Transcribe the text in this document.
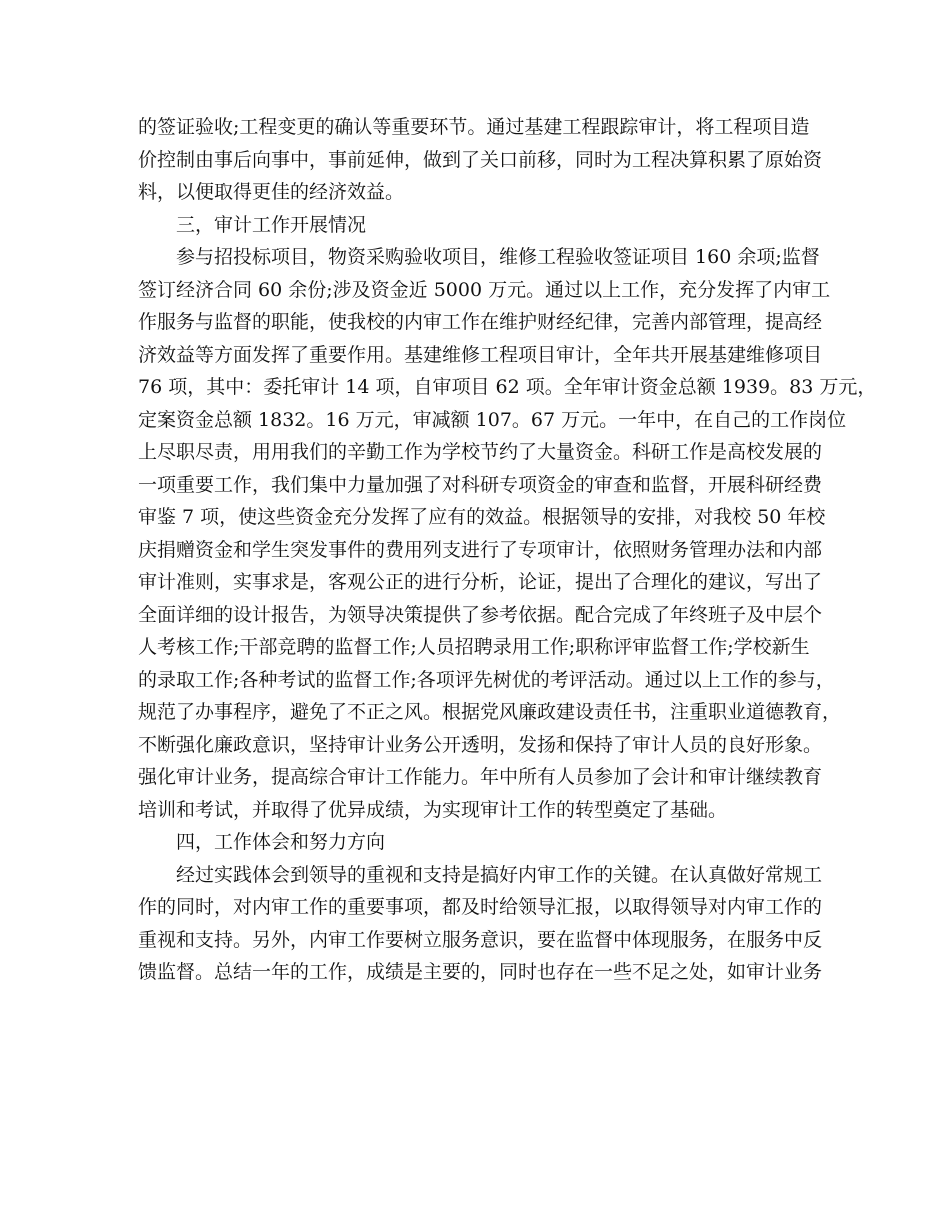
的签证验收;工程变更的确认等重要环节。通过基建工程跟踪审计，将工程项目造
价控制由事后向事中，事前延伸，做到了关口前移，同时为工程决算积累了原始资
料，以便取得更佳的经济效益。
三，审计工作开展情况
参与招投标项目，物资采购验收项目，维修工程验收签证项目 160 余项;监督
签订经济合同 60 余份;涉及资金近 5000 万元。通过以上工作，充分发挥了内审工
作服务与监督的职能，使我校的内审工作在维护财经纪律，完善内部管理，提高经
济效益等方面发挥了重要作用。基建维修工程项目审计，全年共开展基建维修项目
76 项，其中：委托审计 14 项，自审项目 62 项。全年审计资金总额 1939。83 万元，
定案资金总额 1832。16 万元，审减额 107。67 万元。一年中，在自己的工作岗位
上尽职尽责，用用我们的辛勤工作为学校节约了大量资金。科研工作是高校发展的
一项重要工作，我们集中力量加强了对科研专项资金的审查和监督，开展科研经费
审鉴 7 项，使这些资金充分发挥了应有的效益。根据领导的安排，对我校 50 年校
庆捐赠资金和学生突发事件的费用列支进行了专项审计，依照财务管理办法和内部
审计准则，实事求是，客观公正的进行分析，论证，提出了合理化的建议，写出了
全面详细的设计报告，为领导决策提供了参考依据。配合完成了年终班子及中层个
人考核工作;干部竞聘的监督工作;人员招聘录用工作;职称评审监督工作;学校新生
的录取工作;各种考试的监督工作;各项评先树优的考评活动。通过以上工作的参与，
规范了办事程序，避免了不正之风。根据党风廉政建设责任书，注重职业道德教育，
不断强化廉政意识，坚持审计业务公开透明，发扬和保持了审计人员的良好形象。
强化审计业务，提高综合审计工作能力。年中所有人员参加了会计和审计继续教育
培训和考试，并取得了优异成绩，为实现审计工作的转型奠定了基础。
四，工作体会和努力方向
经过实践体会到领导的重视和支持是搞好内审工作的关键。在认真做好常规工
作的同时，对内审工作的重要事项，都及时给领导汇报，以取得领导对内审工作的
重视和支持。另外，内审工作要树立服务意识，要在监督中体现服务，在服务中反
馈监督。总结一年的工作，成绩是主要的，同时也存在一些不足之处，如审计业务
